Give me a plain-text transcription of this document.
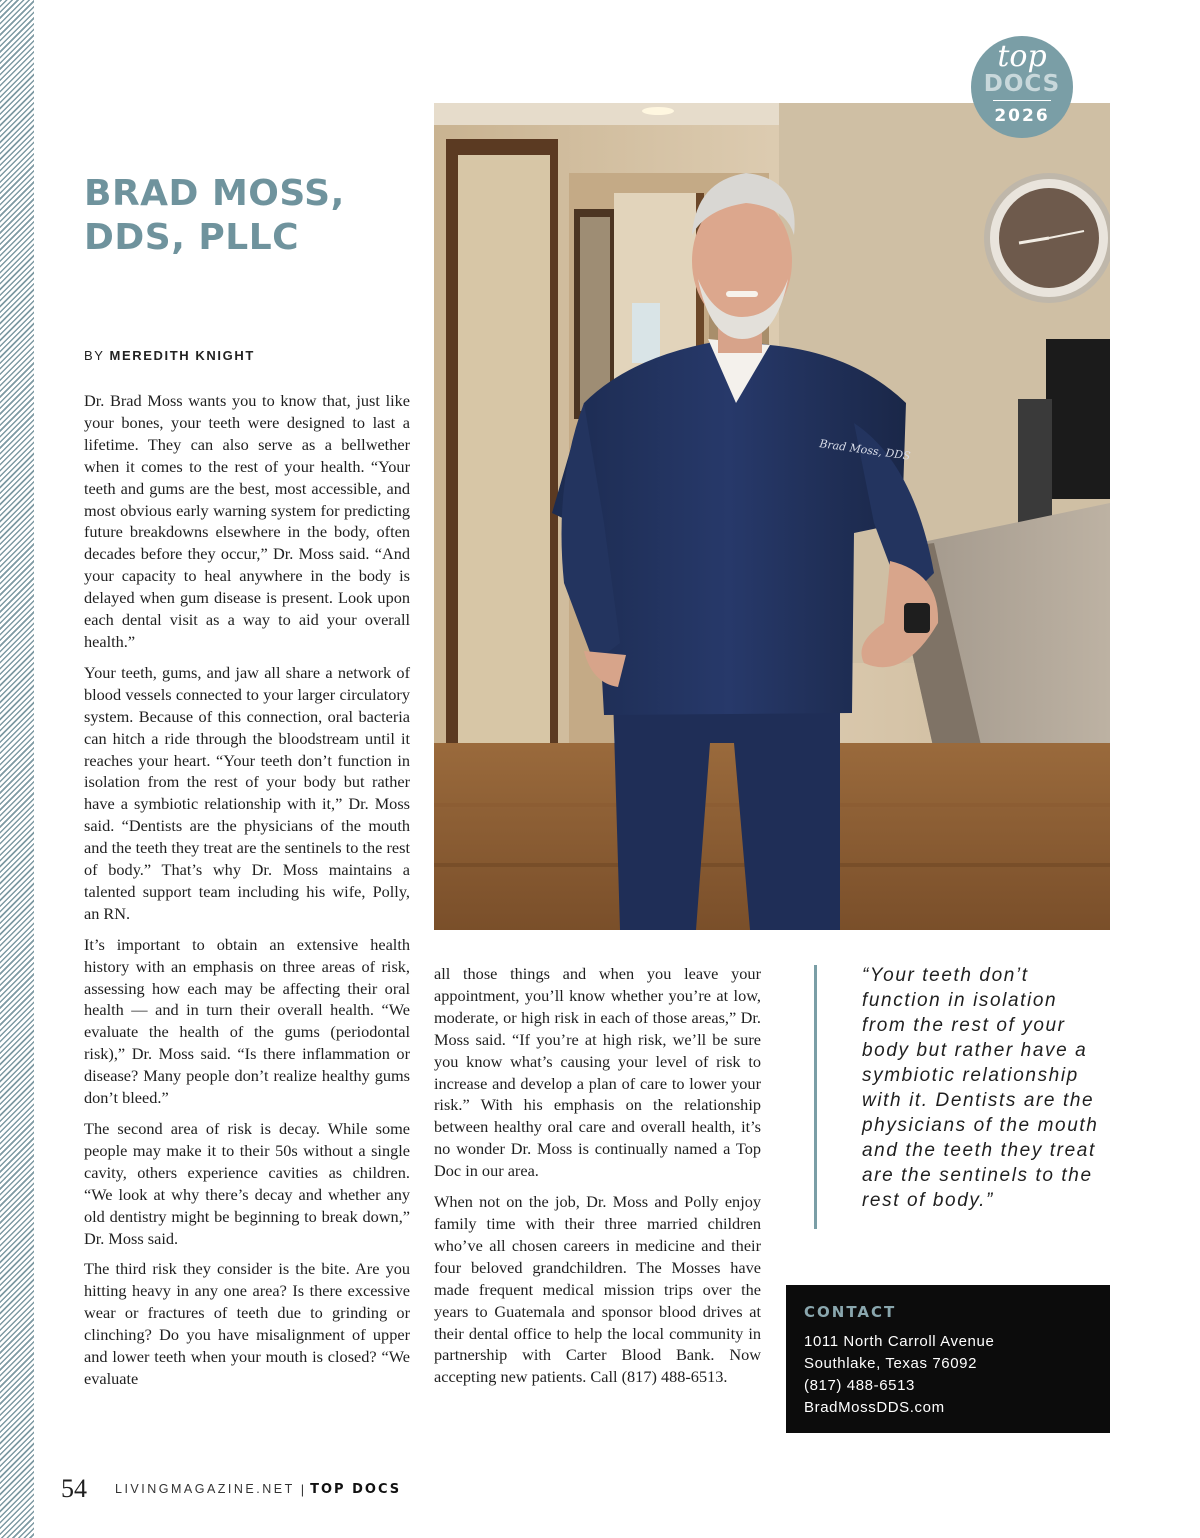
top
DOCS
2026
BRAD MOSS,
DDS, PLLC
BY MEREDITH KNIGHT

Dr. Brad Moss wants you to know that, just like your bones, your teeth were designed to last a lifetime. They can also serve as a bellwether when it comes to the rest of your health. “Your teeth and gums are the best, most accessible, and most obvious early warning system for predicting future breakdowns elsewhere in the body, often decades before they occur,” Dr. Moss said. “And your capacity to heal anywhere in the body is delayed when gum disease is present. Look upon each dental visit as a way to aid your overall health.”

Your teeth, gums, and jaw all share a network of blood vessels connected to your larger circulatory system. Because of this connection, oral bacteria can hitch a ride through the bloodstream until it reaches your heart. “Your teeth don’t function in isolation from the rest of your body but rather have a symbiotic relationship with it,” Dr. Moss said. “Dentists are the physicians of the mouth and the teeth they treat are the sentinels to the rest of body.” That’s why Dr. Moss maintains a talented support team including his wife, Polly, an RN.

It’s important to obtain an extensive health history with an emphasis on three areas of risk, assessing how each may be affecting their oral health — and in turn their overall health. “We evaluate the health of the gums (periodontal risk),” Dr. Moss said. “Is there inflammation or disease? Many people don’t realize healthy gums don’t bleed.”

The second area of risk is decay. While some people may make it to their 50s without a single cavity, others experience cavities as children. “We look at why there’s decay and whether any old dentistry might be beginning to break down,” Dr. Moss said.

The third risk they consider is the bite. Are you hitting heavy in any one area? Is there excessive wear or fractures of teeth due to grinding or clinching? Do you have misalignment of upper and lower teeth when your mouth is closed? “We evaluate

Brad Moss, DDS

all those things and when you leave your appointment, you’ll know whether you’re at low, moderate, or high risk in each of those areas,” Dr. Moss said. “If you’re at high risk, we’ll be sure you know what’s causing your level of risk to increase and develop a plan of care to lower your risk.” With his emphasis on the relationship between healthy oral care and overall health, it’s no wonder Dr. Moss is continually named a Top Doc in our area.

When not on the job, Dr. Moss and Polly enjoy family time with their three married children who’ve all chosen careers in medicine and their four beloved grandchildren. The Mosses have made frequent medical mission trips over the years to Guatemala and sponsor blood drives at their dental office to help the local community in partnership with Carter Blood Bank. Now accepting new patients. Call (817) 488-6513.

“Your teeth don’t function in isolation from the rest of your body but rather have a symbiotic relationship with it. Dentists are the physicians of the mouth and the teeth they treat are the sentinels to the rest of body.”
CONTACT
1011 North Carroll Avenue
Southlake, Texas 76092
(817) 488-6513
BradMossDDS.com
54 LIVINGMAGAZINE.NET | TOP DOCS
